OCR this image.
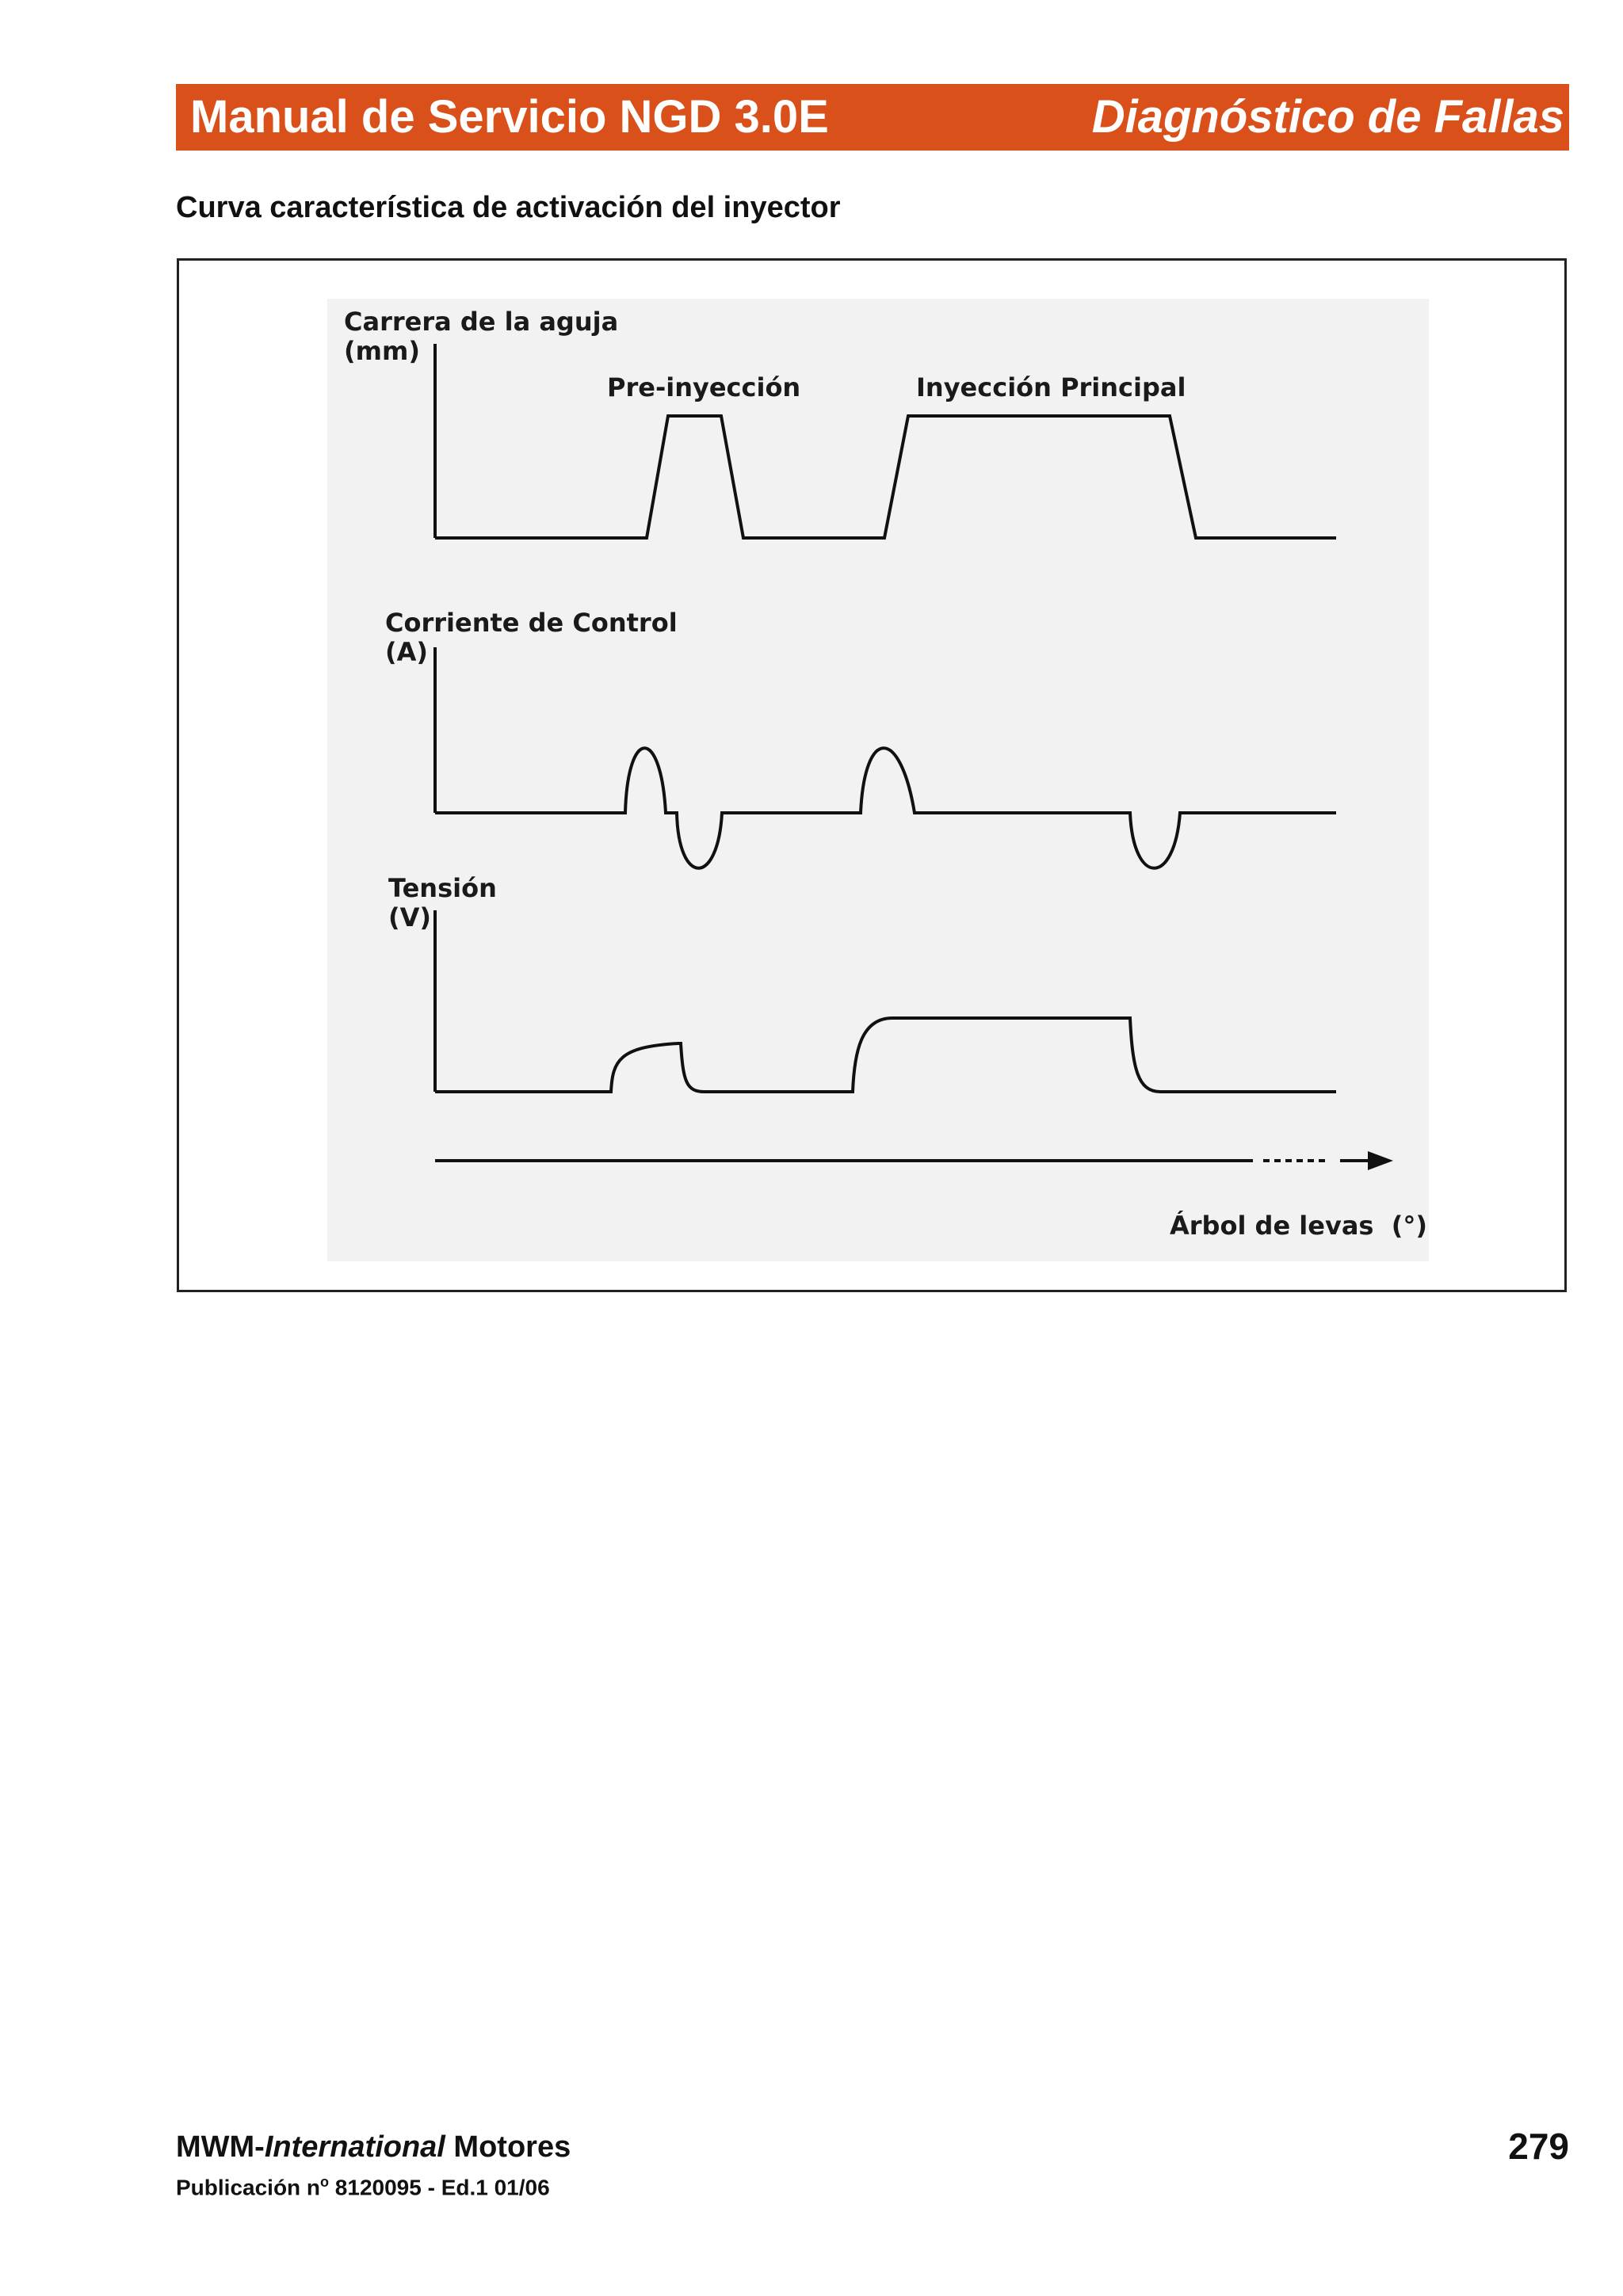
Manual de Servicio NGD 3.0E	Diagnóstico de Fallas
Curva característica de activación del inyector
Carrera de la aguja
(mm)
Pre-inyección	Inyección Principal
Corriente de Control
(A)
Tensión
(V)
Árbol de levas  (°)
MWM-International Motores
Publicación $n^o$ 8120095 - Ed.1 01/06
279
